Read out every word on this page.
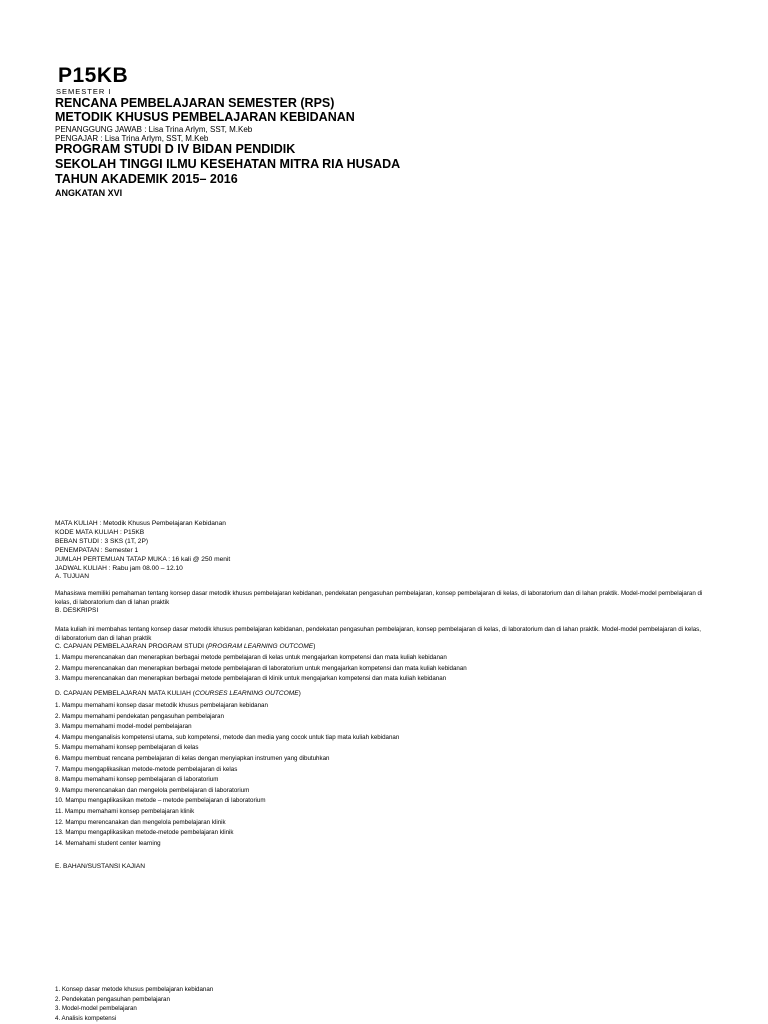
P15KB
SEMESTER I
RENCANA PEMBELAJARAN SEMESTER (RPS)
METODIK KHUSUS PEMBELAJARAN KEBIDANAN
PENANGGUNG JAWAB : Lisa Trina Arlym, SST, M.Keb
PENGAJAR : Lisa Trina Arlym, SST, M.Keb
PROGRAM STUDI D IV BIDAN PENDIDIK
SEKOLAH TINGGI ILMU KESEHATAN MITRA RIA HUSADA
TAHUN AKADEMIK 2015– 2016
ANGKATAN XVI
MATA KULIAH : Metodik Khusus Pembelajaran Kebidanan
KODE MATA KULIAH : P15KB
BEBAN STUDI : 3 SKS (1T, 2P)
PENEMPATAN : Semester 1
JUMLAH PERTEMUAN TATAP MUKA : 16 kali @ 250 menit
JADWAL KULIAH : Rabu jam 08.00 – 12.10
A. TUJUAN
Mahasiswa memiliki pemahaman tentang konsep dasar metodik khusus pembelajaran kebidanan, pendekatan pengasuhan pembelajaran, konsep pembelajaran di kelas, di laboratorium dan di lahan praktik. Model-model pembelajaran di kelas, di laboratorium dan di lahan praktik
B. DESKRIPSI
Mata kuliah ini membahas tentang konsep dasar metodik khusus pembelajaran kebidanan, pendekatan pengasuhan pembelajaran, konsep pembelajaran di kelas, di laboratorium dan di lahan praktik. Model-model pembelajaran di kelas, di laboratorium dan di lahan praktik
C. CAPAIAN PEMBELAJARAN PROGRAM STUDI (PROGRAM LEARNING OUTCOME)
1. Mampu merencanakan dan menerapkan berbagai metode pembelajaran di kelas untuk mengajarkan kompetensi dan mata kuliah kebidanan
2. Mampu merencanakan dan menerapkan berbagai metode pembelajaran di laboratorium untuk mengajarkan kompetensi dan mata kuliah kebidanan
3. Mampu merencanakan dan menerapkan berbagai metode pembelajaran di klinik untuk mengajarkan kompetensi dan mata kuliah kebidanan
D. CAPAIAN PEMBELAJARAN MATA KULIAH (COURSES LEARNING OUTCOME)
1. Mampu memahami konsep dasar metodik khusus pembelajaran kebidanan
2. Mampu memahami pendekatan pengasuhan pembelajaran
3. Mampu memahami model-model pembelajaran
4. Mampu menganalisis kompetensi utama, sub kompetensi, metode dan media yang cocok untuk tiap mata kuliah kebidanan
5. Mampu memahami konsep pembelajaran di kelas
6. Mampu membuat rencana pembelajaran di kelas dengan menyiapkan instrumen yang dibutuhkan
7. Mampu mengaplikasikan metode-metode pembelajaran di kelas
8. Mampu memahami konsep pembelajaran di laboratorium
9. Mampu merencanakan dan mengelola pembelajaran di laboratorium
10. Mampu mengaplikasikan metode – metode pembelajaran di laboratorium
11. Mampu memahami konsep pembelajaran klinik
12. Mampu merencanakan dan mengelola pembelajaran klinik
13. Mampu mengaplikasikan metode-metode pembelajaran klinik
14. Memahami student center learning
E. BAHAN/SUSTANSI KAJIAN
1. Konsep dasar metode khusus pembelajaran kebidanan
2. Pendekatan pengasuhan pembelajaran
3. Model-model pembelajaran
4. Analisis kompetensi
